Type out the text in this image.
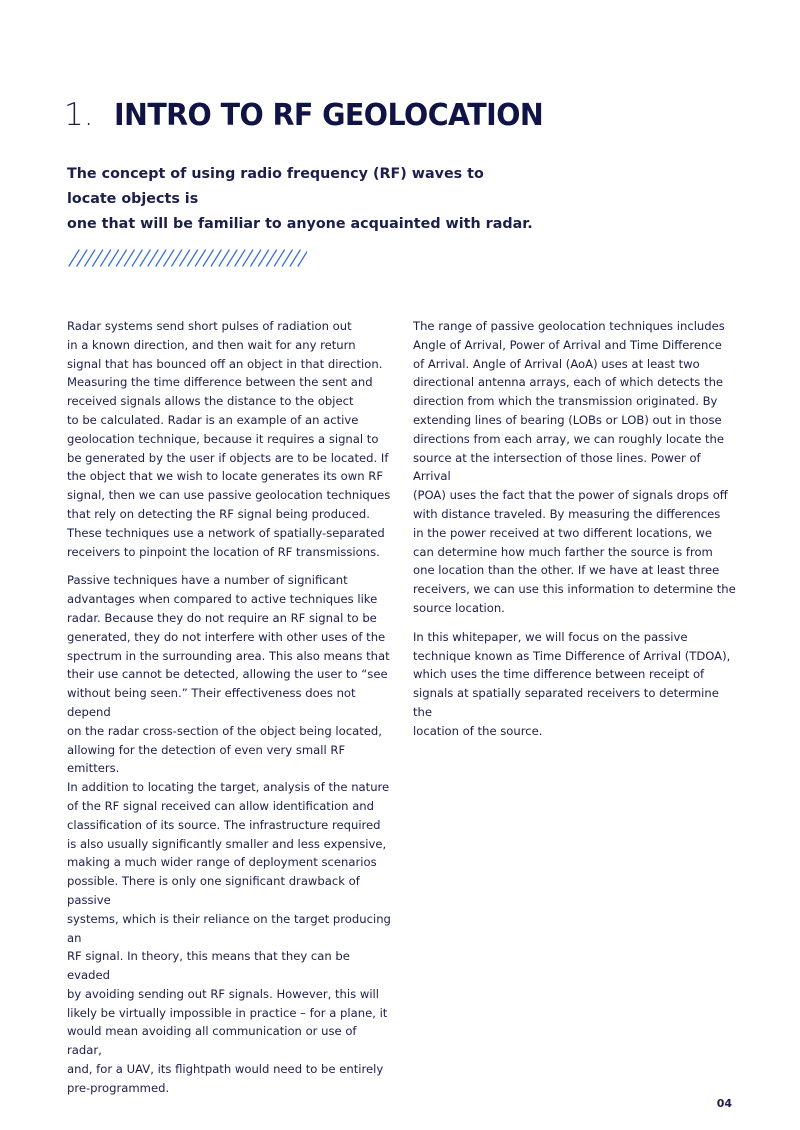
1. INTRO TO RF GEOLOCATION
The concept of using radio frequency (RF) waves to locate objects is
one that will be familiar to anyone acquainted with radar.

Radar systems send short pulses of radiation out
in a known direction, and then wait for any return
signal that has bounced off an object in that direction.
Measuring the time difference between the sent and
received signals allows the distance to the object
to be calculated. Radar is an example of an active
geolocation technique, because it requires a signal to
be generated by the user if objects are to be located. If
the object that we wish to locate generates its own RF
signal, then we can use passive geolocation techniques
that rely on detecting the RF signal being produced.
These techniques use a network of spatially-separated
receivers to pinpoint the location of RF transmissions.

Passive techniques have a number of significant
advantages when compared to active techniques like
radar. Because they do not require an RF signal to be
generated, they do not interfere with other uses of the
spectrum in the surrounding area. This also means that
their use cannot be detected, allowing the user to “see
without being seen.” Their effectiveness does not depend
on the radar cross-section of the object being located,
allowing for the detection of even very small RF emitters.
In addition to locating the target, analysis of the nature
of the RF signal received can allow identification and
classification of its source. The infrastructure required
is also usually significantly smaller and less expensive,
making a much wider range of deployment scenarios
possible. There is only one significant drawback of passive
systems, which is their reliance on the target producing an
RF signal. In theory, this means that they can be evaded
by avoiding sending out RF signals. However, this will
likely be virtually impossible in practice – for a plane, it
would mean avoiding all communication or use of radar,
and, for a UAV, its flightpath would need to be entirely
pre-programmed.

The range of passive geolocation techniques includes
Angle of Arrival, Power of Arrival and Time Difference
of Arrival. Angle of Arrival (AoA) uses at least two
directional antenna arrays, each of which detects the
direction from which the transmission originated. By
extending lines of bearing (LOBs or LOB) out in those
directions from each array, we can roughly locate the
source at the intersection of those lines. Power of Arrival
(POA) uses the fact that the power of signals drops off
with distance traveled. By measuring the differences
in the power received at two different locations, we
can determine how much farther the source is from
one location than the other. If we have at least three
receivers, we can use this information to determine the
source location.

In this whitepaper, we will focus on the passive
technique known as Time Difference of Arrival (TDOA),
which uses the time difference between receipt of
signals at spatially separated receivers to determine the
location of the source.

04
